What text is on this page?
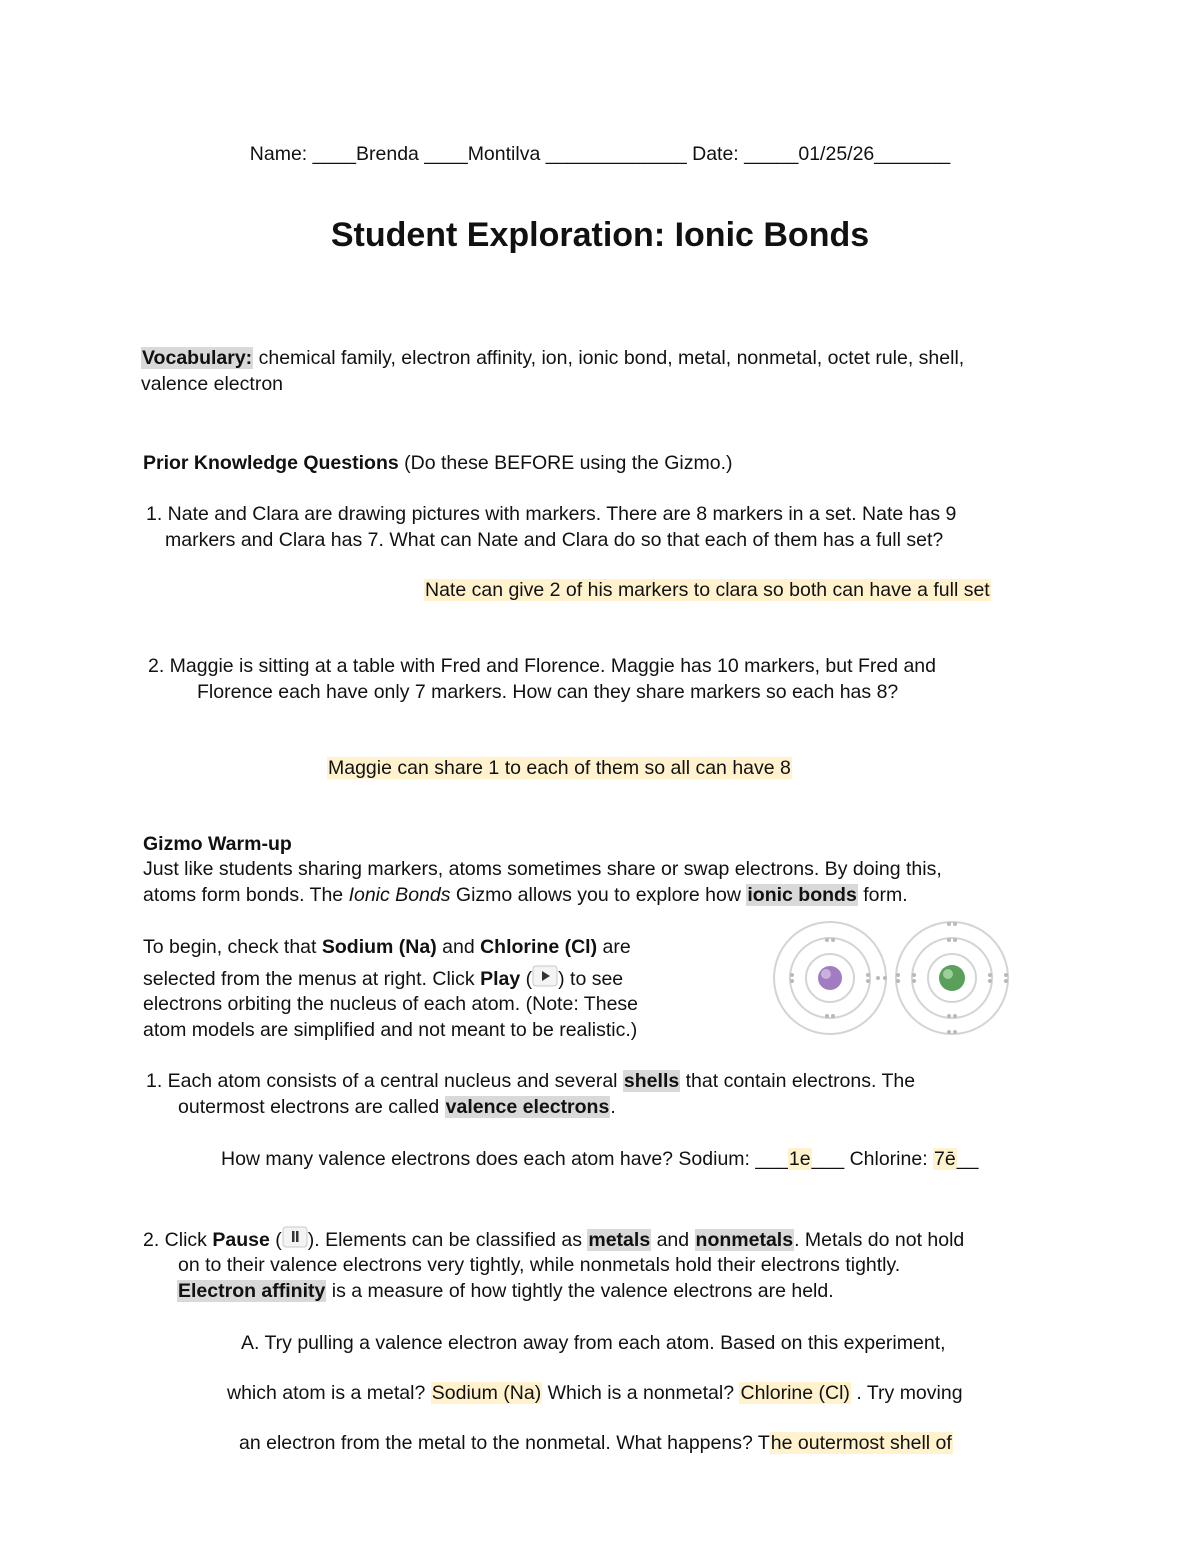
Name: ____Brenda ____Montilva _____________ Date: _____01/25/26_______
Student Exploration: Ionic Bonds
Vocabulary: chemical family, electron affinity, ion, ionic bond, metal, nonmetal, octet rule, shell,
valence electron
Prior Knowledge Questions (Do these BEFORE using the Gizmo.)
1. Nate and Clara are drawing pictures with markers. There are 8 markers in a set. Nate has 9
markers and Clara has 7. What can Nate and Clara do so that each of them has a full set?
Nate can give 2 of his markers to clara so both can have a full set
2. Maggie is sitting at a table with Fred and Florence. Maggie has 10 markers, but Fred and
Florence each have only 7 markers. How can they share markers so each has 8?
Maggie can share 1 to each of them so all can have 8
Gizmo Warm-up
Just like students sharing markers, atoms sometimes share or swap electrons. By doing this,
atoms form bonds. The Ionic Bonds Gizmo allows you to explore how ionic bonds form.
To begin, check that Sodium (Na) and Chlorine (Cl) are
selected from the menus at right. Click Play ( ) to see
electrons orbiting the nucleus of each atom. (Note: These
atom models are simplified and not meant to be realistic.)
1. Each atom consists of a central nucleus and several shells that contain electrons. The
outermost electrons are called valence electrons.
How many valence electrons does each atom have? Sodium: ___1e___ Chlorine: 7ē__
2. Click Pause ( ). Elements can be classified as metals and nonmetals. Metals do not hold
on to their valence electrons very tightly, while nonmetals hold their electrons tightly.
Electron affinity is a measure of how tightly the valence electrons are held.
A. Try pulling a valence electron away from each atom. Based on this experiment,
which atom is a metal? Sodium (Na) Which is a nonmetal? Chlorine (Cl) . Try moving
an electron from the metal to the nonmetal. What happens? The outermost shell of
